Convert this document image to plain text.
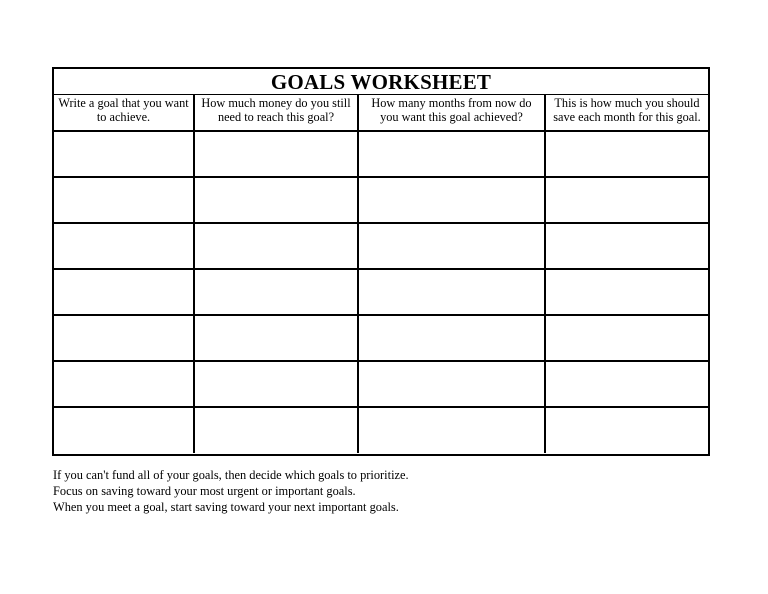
GOALS WORKSHEET
Write a goal that you want to achieve.	How much money do you still need to reach this goal?	How many months from now do you want this goal achieved?	This is how much you should save each month for this goal.

If you can't fund all of your goals, then decide which goals to prioritize.

Focus on saving toward your most urgent or important goals.

When you meet a goal, start saving toward your next important goals.
